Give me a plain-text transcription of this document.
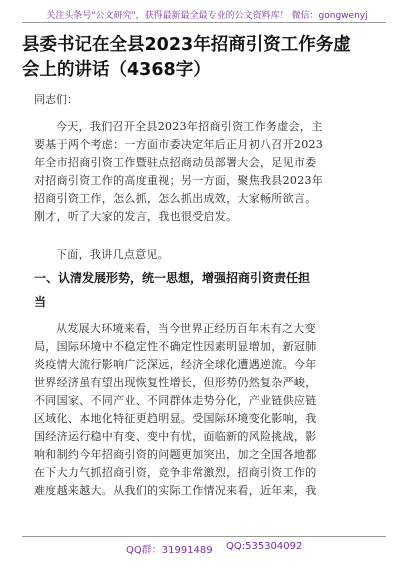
关注头条号"公文研究"，获得最新最全最专业的公文资料库！ 微信：gongwenyj
县委书记在全县2023年招商引资工作务虚
会上的讲话（4368字）
同志们：
今天，我们召开全县2023年招商引资工作务虚会，主
要基于两个考虑：一方面市委决定年后正月初八召开2023
年全市招商引资工作暨驻点招商动员部署大会，足见市委
对招商引资工作的高度重视；另一方面，聚焦我县2023年
招商引资工作，怎么抓，怎么抓出成效，大家畅所欲言。
刚才，听了大家的发言，我也很受启发。
下面，我讲几点意见。
一、认清发展形势，统一思想，增强招商引资责任担
当
从发展大环境来看，当今世界正经历百年未有之大变
局，国际环境中不稳定性不确定性因素明显增加，新冠肺
炎疫情大流行影响广泛深远，经济全球化遭遇逆流。今年
世界经济虽有望出现恢复性增长，但形势仍然复杂严峻，
不同国家、不同产业、不同群体走势分化，产业链供应链
区域化、本地化特征更趋明显。受国际环境变化影响，我
国经济运行稳中有变、变中有忧，面临新的风险挑战，影
响和制约今年招商引资的问题更加突出，加之全国各地都
在下大力气抓招商引资，竞争非常激烈，招商引资工作的
难度越来越大。从我们的实际工作情况来看，近年来，我
QQ群：31991489 QQ:535304092
